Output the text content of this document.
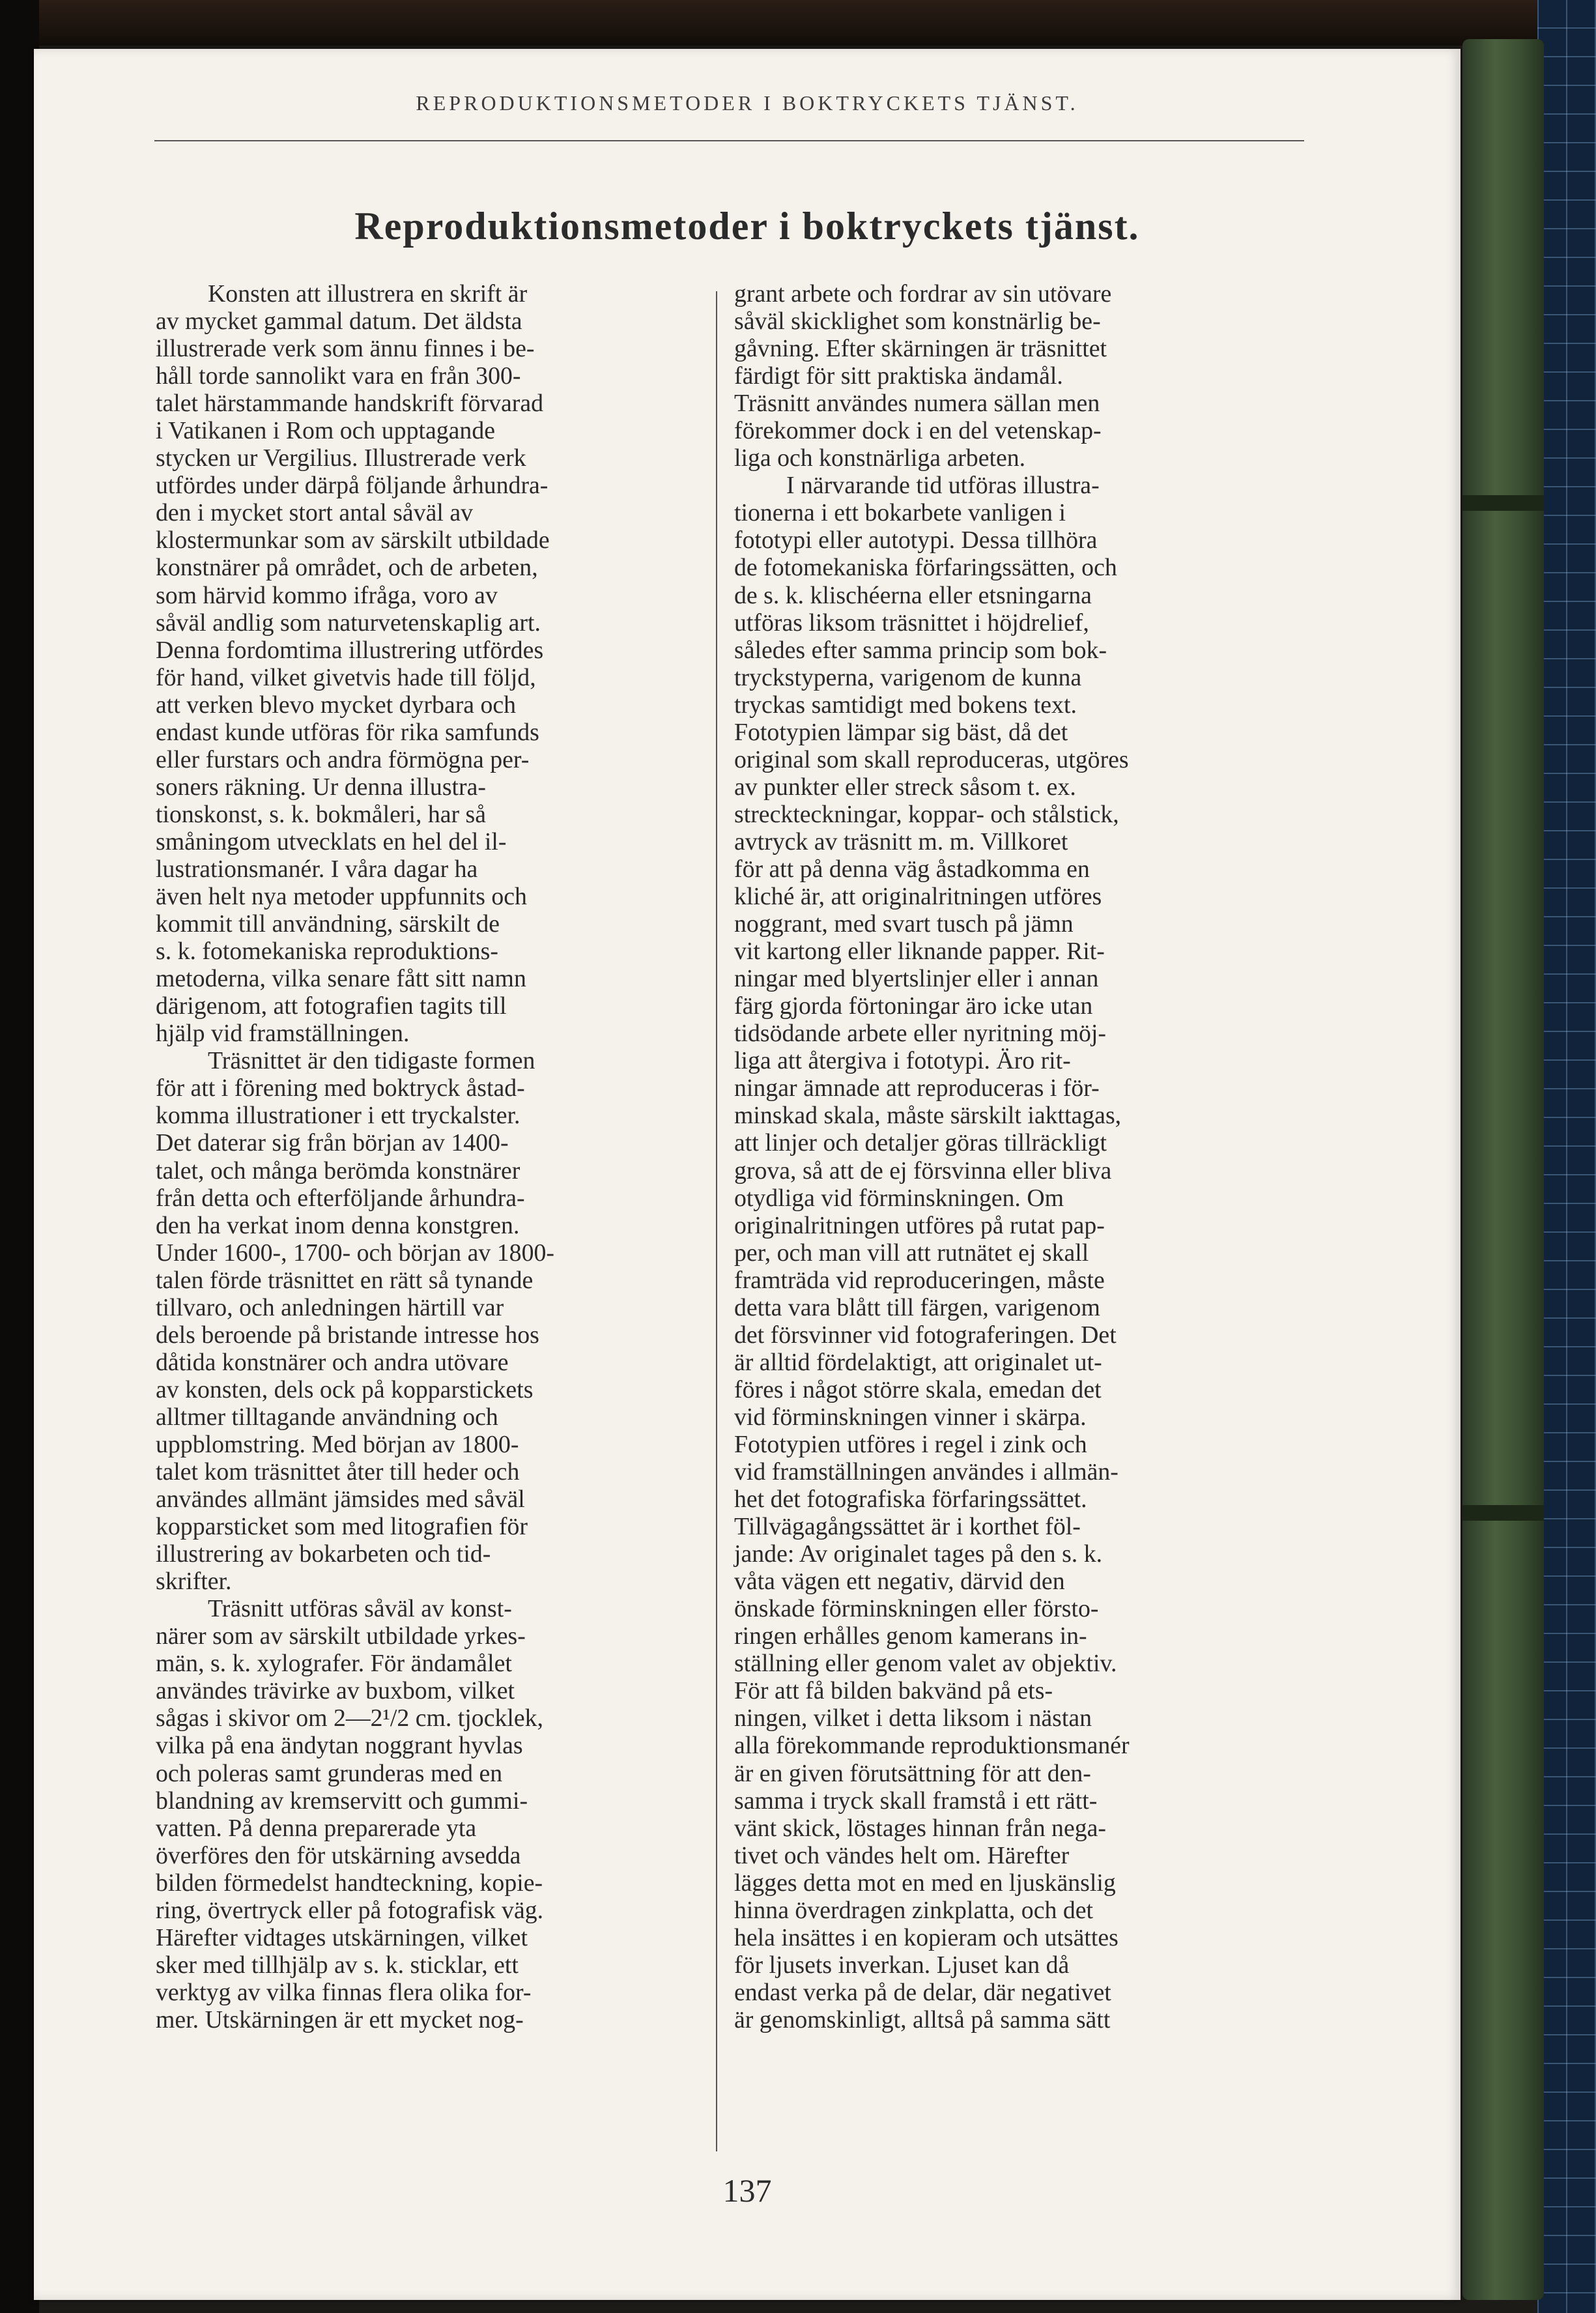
REPRODUKTIONSMETODER I BOKTRYCKETS TJÄNST.
Reproduktionsmetoder i boktryckets tjänst.
Konsten att illustrera en skrift är
av mycket gammal datum. Det äldsta
illustrerade verk som ännu finnes i be-
håll torde sannolikt vara en från 300-
talet härstammande handskrift förvarad
i Vatikanen i Rom och upptagande
stycken ur Vergilius. Illustrerade verk
utfördes under därpå följande århundra-
den i mycket stort antal såväl av
klostermunkar som av särskilt utbildade
konstnärer på området, och de arbeten,
som härvid kommo ifråga, voro av
såväl andlig som naturvetenskaplig art.
Denna fordomtima illustrering utfördes
för hand, vilket givetvis hade till följd,
att verken blevo mycket dyrbara och
endast kunde utföras för rika samfunds
eller furstars och andra förmögna per-
soners räkning. Ur denna illustra-
tionskonst, s. k. bokmåleri, har så
småningom utvecklats en hel del il-
lustrationsmanér. I våra dagar ha
även helt nya metoder uppfunnits och
kommit till användning, särskilt de
s. k. fotomekaniska reproduktions-
metoderna, vilka senare fått sitt namn
därigenom, att fotografien tagits till
hjälp vid framställningen.
Träsnittet är den tidigaste formen
för att i förening med boktryck åstad-
komma illustrationer i ett tryckalster.
Det daterar sig från början av 1400-
talet, och många berömda konstnärer
från detta och efterföljande århundra-
den ha verkat inom denna konstgren.
Under 1600-, 1700- och början av 1800-
talen förde träsnittet en rätt så tynande
tillvaro, och anledningen härtill var
dels beroende på bristande intresse hos
dåtida konstnärer och andra utövare
av konsten, dels ock på kopparstickets
alltmer tilltagande användning och
uppblomstring. Med början av 1800-
talet kom träsnittet åter till heder och
användes allmänt jämsides med såväl
kopparsticket som med litografien för
illustrering av bokarbeten och tid-
skrifter.
Träsnitt utföras såväl av konst-
närer som av särskilt utbildade yrkes-
män, s. k. xylografer. För ändamålet
användes trävirke av buxbom, vilket
sågas i skivor om 2—2¹/2 cm. tjocklek,
vilka på ena ändytan noggrant hyvlas
och poleras samt grunderas med en
blandning av kremservitt och gummi-
vatten. På denna preparerade yta
överföres den för utskärning avsedda
bilden förmedelst handteckning, kopie-
ring, övertryck eller på fotografisk väg.
Härefter vidtages utskärningen, vilket
sker med tillhjälp av s. k. sticklar, ett
verktyg av vilka finnas flera olika for-
mer. Utskärningen är ett mycket nog-
grant arbete och fordrar av sin utövare
såväl skicklighet som konstnärlig be-
gåvning. Efter skärningen är träsnittet
färdigt för sitt praktiska ändamål.
Träsnitt användes numera sällan men
förekommer dock i en del vetenskap-
liga och konstnärliga arbeten.
I närvarande tid utföras illustra-
tionerna i ett bokarbete vanligen i
fototypi eller autotypi. Dessa tillhöra
de fotomekaniska förfaringssätten, och
de s. k. klischéerna eller etsningarna
utföras liksom träsnittet i höjdrelief,
således efter samma princip som bok-
tryckstyperna, varigenom de kunna
tryckas samtidigt med bokens text.
Fototypien lämpar sig bäst, då det
original som skall reproduceras, utgöres
av punkter eller streck såsom t. ex.
streckteckningar, koppar- och stålstick,
avtryck av träsnitt m. m. Villkoret
för att på denna väg åstadkomma en
kliché är, att originalritningen utföres
noggrant, med svart tusch på jämn
vit kartong eller liknande papper. Rit-
ningar med blyertslinjer eller i annan
färg gjorda förtoningar äro icke utan
tidsödande arbete eller nyritning möj-
liga att återgiva i fototypi. Äro rit-
ningar ämnade att reproduceras i för-
minskad skala, måste särskilt iakttagas,
att linjer och detaljer göras tillräckligt
grova, så att de ej försvinna eller bliva
otydliga vid förminskningen. Om
originalritningen utföres på rutat pap-
per, och man vill att rutnätet ej skall
framträda vid reproduceringen, måste
detta vara blått till färgen, varigenom
det försvinner vid fotograferingen. Det
är alltid fördelaktigt, att originalet ut-
föres i något större skala, emedan det
vid förminskningen vinner i skärpa.
Fototypien utföres i regel i zink och
vid framställningen användes i allmän-
het det fotografiska förfaringssättet.
Tillvägagångssättet är i korthet föl-
jande: Av originalet tages på den s. k.
våta vägen ett negativ, därvid den
önskade förminskningen eller försto-
ringen erhålles genom kamerans in-
ställning eller genom valet av objektiv.
För att få bilden bakvänd på ets-
ningen, vilket i detta liksom i nästan
alla förekommande reproduktionsmanér
är en given förutsättning för att den-
samma i tryck skall framstå i ett rätt-
vänt skick, löstages hinnan från nega-
tivet och vändes helt om. Härefter
lägges detta mot en med en ljuskänslig
hinna överdragen zinkplatta, och det
hela insättes i en kopieram och utsättes
för ljusets inverkan. Ljuset kan då
endast verka på de delar, där negativet
är genomskinligt, alltså på samma sätt
137
